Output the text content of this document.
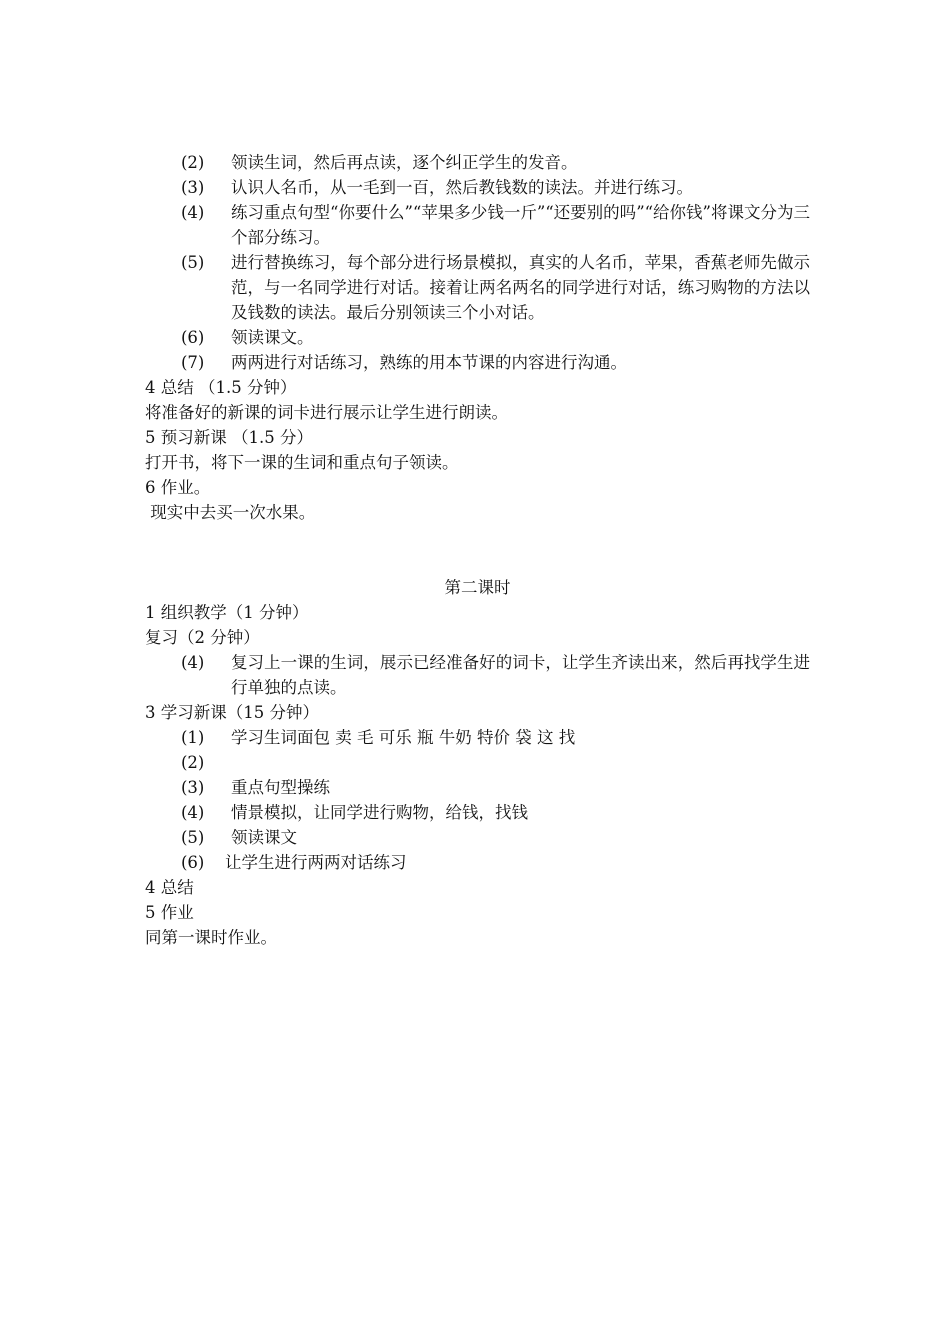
(2)	领读生词，然后再点读，逐个纠正学生的发音。
(3)	认识人名币，从一毛到一百，然后教钱数的读法。并进行练习。
(4)	练习重点句型“你要什么”“苹果多少钱一斤”“还要别的吗”“给你钱”将课文分为三个部分练习。
(5)	进行替换练习，每个部分进行场景模拟，真实的人名币，苹果，香蕉老师先做示范，与一名同学进行对话。接着让两名两名的同学进行对话，练习购物的方法以及钱数的读法。最后分别领读三个小对话。
(6)	领读课文。
(7)	两两进行对话练习，熟练的用本节课的内容进行沟通。
4 总结 （1.5 分钟）
将准备好的新课的词卡进行展示让学生进行朗读。
5 预习新课 （1.5 分）
打开书，将下一课的生词和重点句子领读。
6 作业。
现实中去买一次水果。
第二课时
1 组织教学（1 分钟）
复习（2 分钟）
(4)	复习上一课的生词，展示已经准备好的词卡，让学生齐读出来，然后再找学生进行单独的点读。
3 学习新课（15 分钟）
(1)	学习生词面包 卖 毛 可乐 瓶 牛奶 特价 袋 这 找
(2)
(3)	重点句型操练
(4)	情景模拟，让同学进行购物，给钱，找钱
(5)	领读课文
(6)	让学生进行两两对话练习
4 总结
5 作业
同第一课时作业。
